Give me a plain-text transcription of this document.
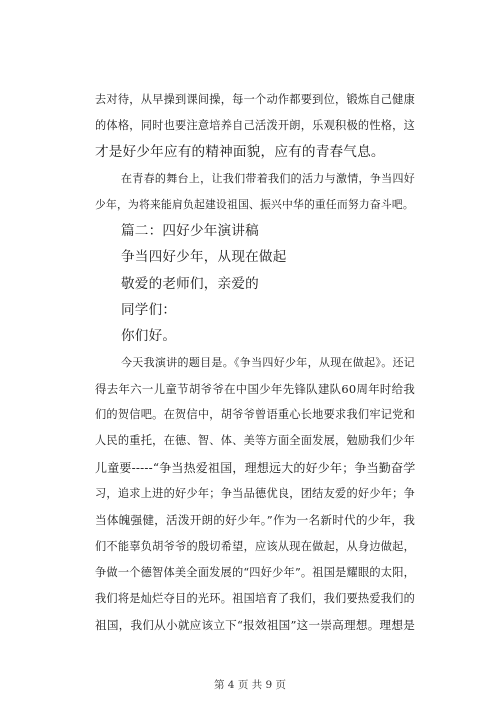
去对待，从早操到课间操，每一个动作都要到位，锻炼自己健康
的体格，同时也要注意培养自己活泼开朗，乐观积极的性格，这
才是好少年应有的精神面貌，应有的青春气息。
在青春的舞台上，让我们带着我们的活力与激情，争当四好
少年，为将来能肩负起建设祖国、振兴中华的重任而努力奋斗吧。
篇二：四好少年演讲稿
争当四好少年，从现在做起
敬爱的老师们，亲爱的
同学们：
你们好。
今天我演讲的题目是。《争当四好少年，从现在做起》。还记
得去年六一儿童节胡爷爷在中国少年先锋队建队60周年时给我
们的贺信吧。在贺信中，胡爷爷曾语重心长地要求我们牢记党和
人民的重托，在德、智、体、美等方面全面发展，勉励我们少年
儿童要-----“争当热爱祖国，理想远大的好少年；争当勤奋学
习，追求上进的好少年；争当品德优良，团结友爱的好少年；争
当体魄强健，活泼开朗的好少年。”作为一名新时代的少年，我
们不能辜负胡爷爷的殷切希望，应该从现在做起，从身边做起，
争做一个德智体美全面发展的“四好少年”。祖国是耀眼的太阳，
我们将是灿烂夺目的光环。祖国培育了我们，我们要热爱我们的
祖国，我们从小就应该立下“报效祖国”这一崇高理想。理想是
第 4 页 共 9 页
